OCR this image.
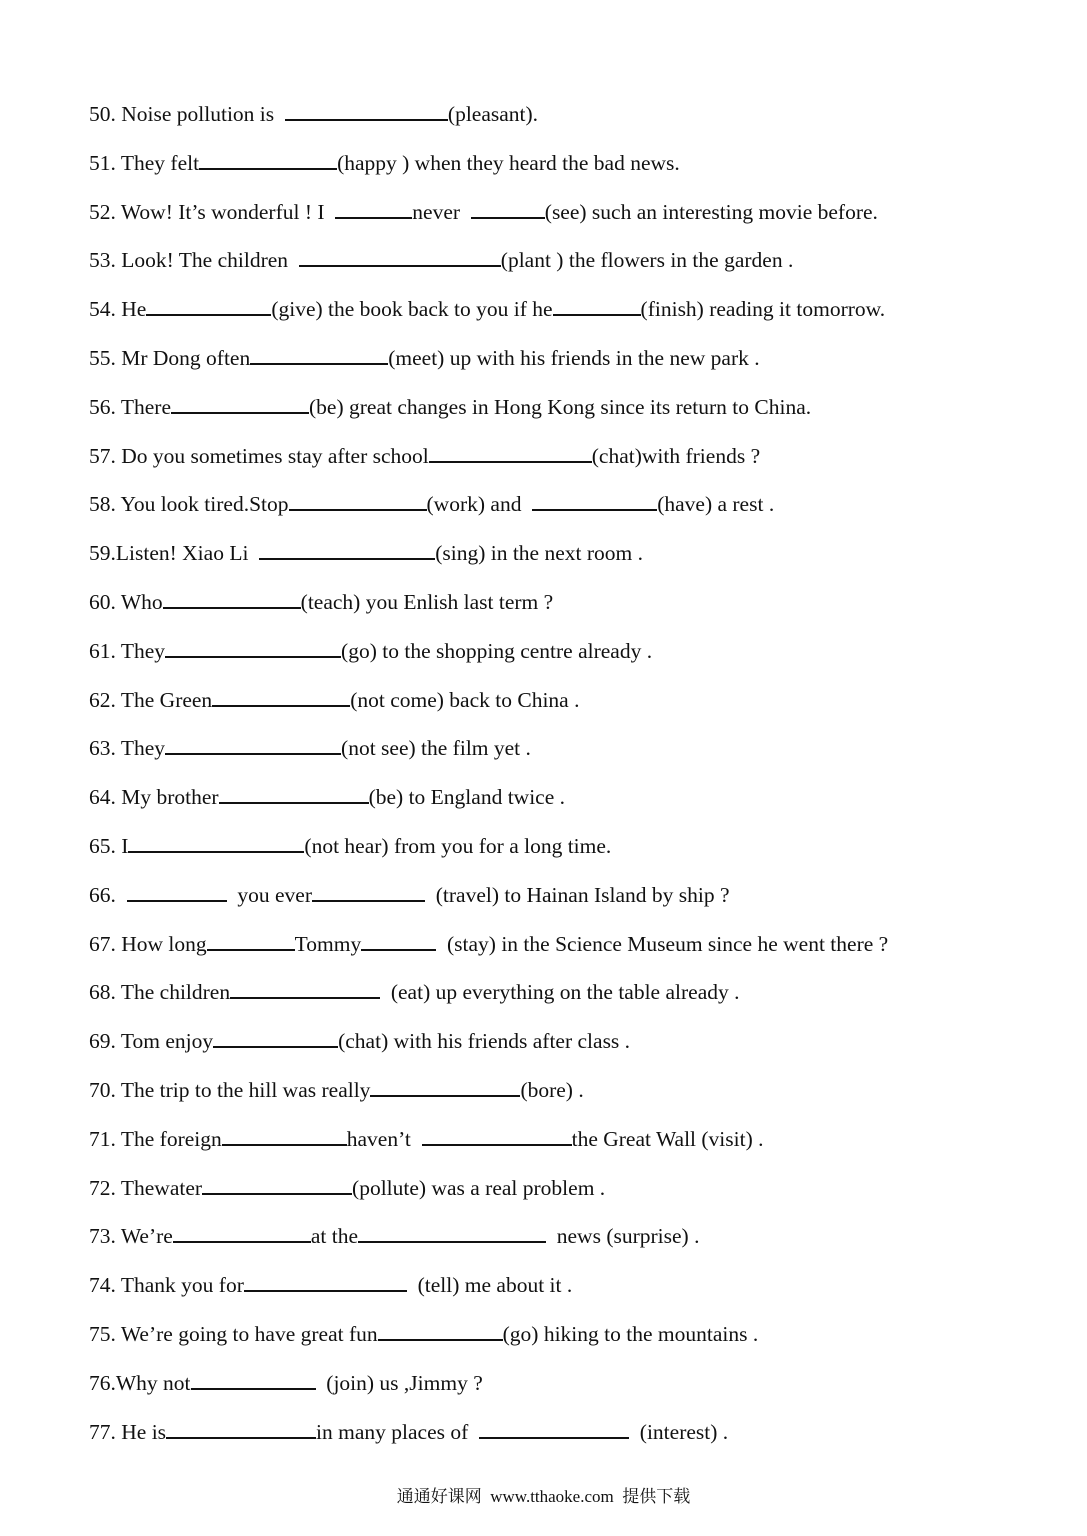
50. Noise pollution is	(pleasant).
51. They felt	(happy ) when they heard the bad news.
52. Wow! It’s wonderful ! I	never	(see) such an interesting movie before.
53. Look! The children	(plant ) the flowers in the garden .
54. He	(give) the book back to you if he	(finish) reading it tomorrow.
55. Mr Dong often	(meet) up with his friends in the new park .
56. There	(be) great changes in Hong Kong since its return to China.
57. Do you sometimes stay after school	(chat)with friends ?
58. You look tired.Stop	(work) and	(have) a rest .
59.Listen! Xiao Li	(sing) in the next room .
60. Who	(teach) you Enlish last term ?
61. They	(go) to the shopping centre already .
62. The Green	(not come) back to China .
63. They	(not see) the film yet .
64. My brother	(be) to England twice .
65. I	(not hear) from you for a long time.
66.	you ever	(travel) to Hainan Island by ship ?
67. How long	Tommy	(stay) in the Science Museum since he went there ?
68. The children	(eat) up everything on the table already .
69. Tom enjoy	(chat) with his friends after class .
70. The trip to the hill was really	(bore) .
71. The foreign	haven’t	the Great Wall (visit) .
72. Thewater	(pollute) was a real problem .
73. We’re	at the	news (surprise) .
74. Thank you for	(tell) me about it .
75. We’re going to have great fun	(go) hiking to the mountains .
76.Why not	(join) us ,Jimmy ?
77. He is	in many places of	(interest) .
通通好课网  www.tthaoke.com  提供下载
